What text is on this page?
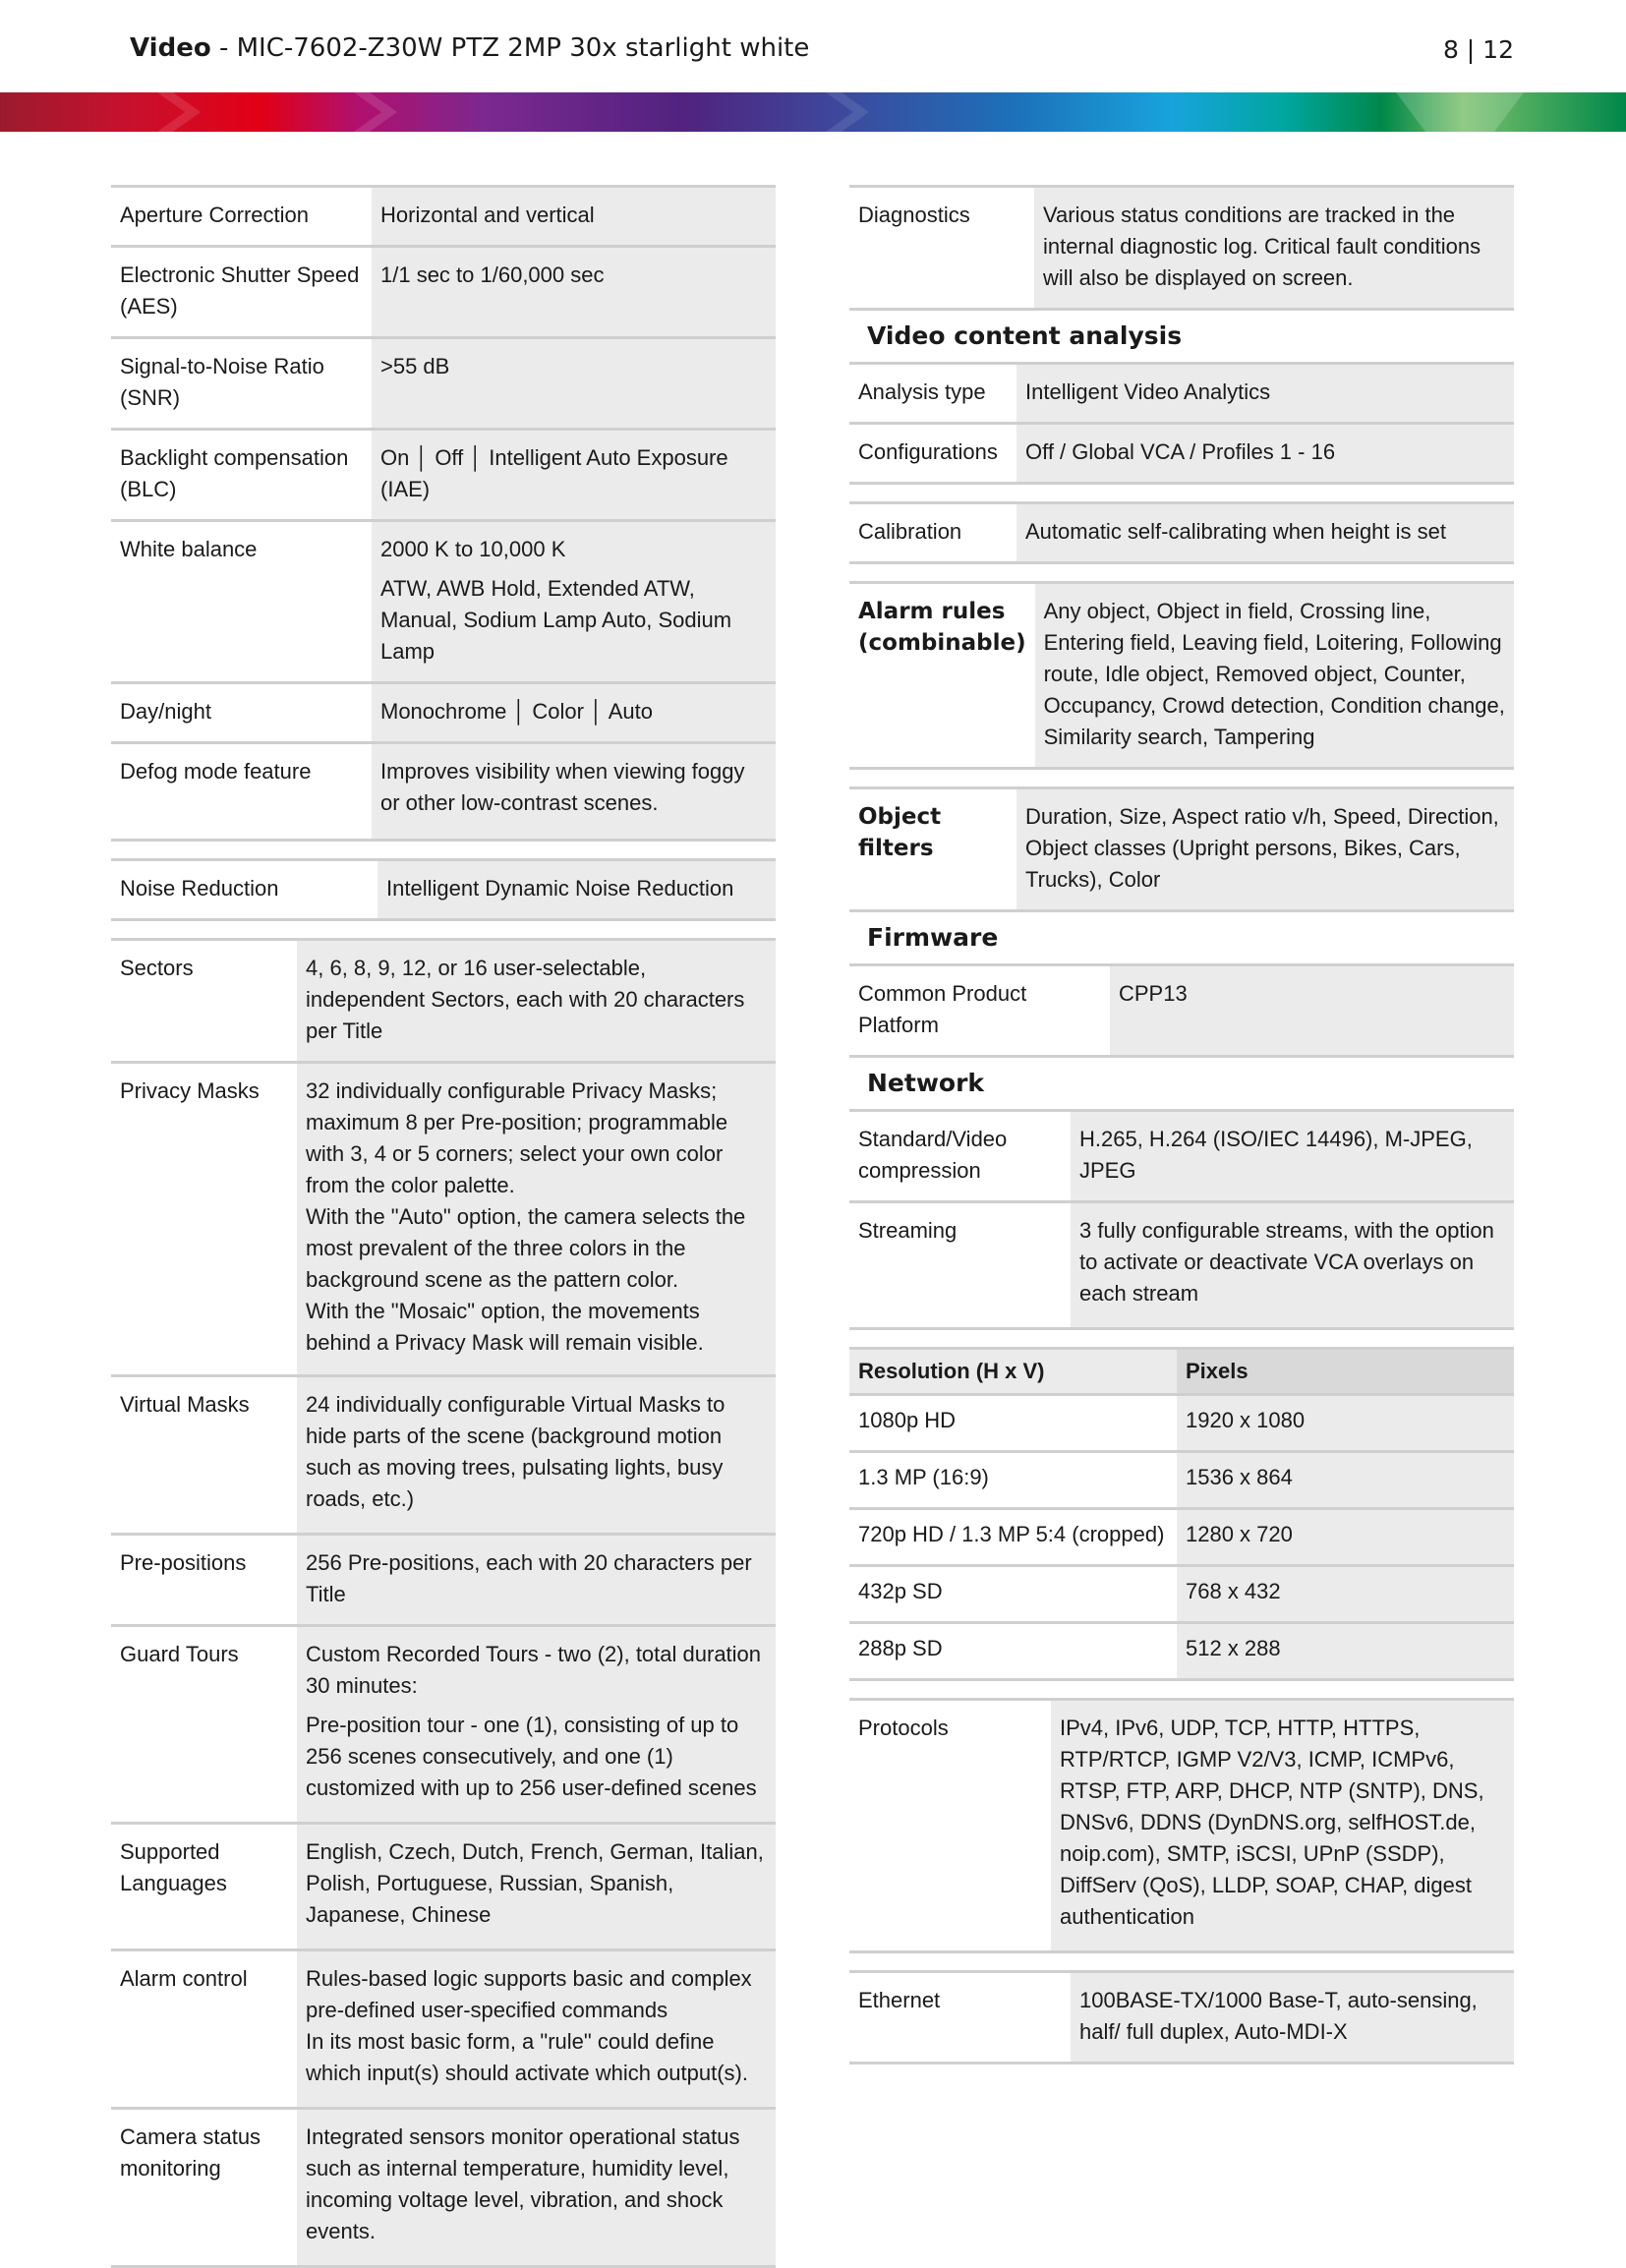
Video - MIC-7602-Z30W PTZ 2MP 30x starlight white	8 | 12
Aperture Correction	Horizontal and vertical
Electronic Shutter Speed (AES)	1/1 sec to 1/60,000 sec
Signal-to-Noise Ratio (SNR)	>55 dB
Backlight compensation (BLC)	On │ Off │ Intelligent Auto Exposure (IAE)
White balance	2000 K to 10,000 K
ATW, AWB Hold, Extended ATW, Manual, Sodium Lamp Auto, Sodium Lamp

Day/night	Monochrome │ Color │ Auto
Defog mode feature	Improves visibility when viewing foggy or other low-contrast scenes.
Noise Reduction	Intelligent Dynamic Noise Reduction
Sectors	4, 6, 8, 9, 12, or 16 user-selectable, independent Sectors, each with 20 characters per Title
Privacy Masks	32 individually configurable Privacy Masks; maximum 8 per Pre-position; programmable with 3, 4 or 5 corners; select your own color from the color palette.
With the "Auto" option, the camera selects the most prevalent of the three colors in the background scene as the pattern color.
With the "Mosaic" option, the movements behind a Privacy Mask will remain visible.

Virtual Masks	24 individually configurable Virtual Masks to hide parts of the scene (background motion such as moving trees, pulsating lights, busy roads, etc.)
Pre-positions	256 Pre-positions, each with 20 characters per Title
Guard Tours	Custom Recorded Tours - two (2), total duration 30 minutes:
Pre-position tour - one (1), consisting of up to 256 scenes consecutively, and one (1) customized with up to 256 user-defined scenes

Supported Languages	English, Czech, Dutch, French, German, Italian, Polish, Portuguese, Russian, Spanish, Japanese, Chinese
Alarm control	Rules-based logic supports basic and complex pre-defined user-specified commands
In its most basic form, a "rule" could define which input(s) should activate which output(s).

Camera status monitoring	Integrated sensors monitor operational status such as internal temperature, humidity level, incoming voltage level, vibration, and shock events.
Diagnostics	Various status conditions are tracked in the internal diagnostic log. Critical fault conditions will also be displayed on screen.
Video content analysis
Analysis type	Intelligent Video Analytics
Configurations	Off / Global VCA / Profiles 1 - 16
Calibration	Automatic self-calibrating when height is set
Alarm rules (combinable)	Any object, Object in field, Crossing line, Entering field, Leaving field, Loitering, Following route, Idle object, Removed object, Counter, Occupancy, Crowd detection, Condition change, Similarity search, Tampering
Object filters	Duration, Size, Aspect ratio v/h, Speed, Direction, Object classes (Upright persons, Bikes, Cars, Trucks), Color
Firmware
Common Product Platform	CPP13
Network
Standard/Video compression	H.265, H.264 (ISO/IEC 14496), M-JPEG, JPEG
Streaming	3 fully configurable streams, with the option to activate or deactivate VCA overlays on each stream
Resolution (H x V)	Pixels
1080p HD	1920 x 1080
1.3 MP (16:9)	1536 x 864
720p HD / 1.3 MP 5:4 (cropped)	1280 x 720
432p SD	768 x 432
288p SD	512 x 288
Protocols	IPv4, IPv6, UDP, TCP, HTTP, HTTPS, RTP/RTCP, IGMP V2/V3, ICMP, ICMPv6, RTSP, FTP, ARP, DHCP, NTP (SNTP), DNS, DNSv6, DDNS (DynDNS.org, selfHOST.de, noip.com), SMTP, iSCSI, UPnP (SSDP), DiffServ (QoS), LLDP, SOAP, CHAP, digest authentication
Ethernet	100BASE-TX/1000 Base-T, auto-sensing, half/ full duplex, Auto-MDI-X
